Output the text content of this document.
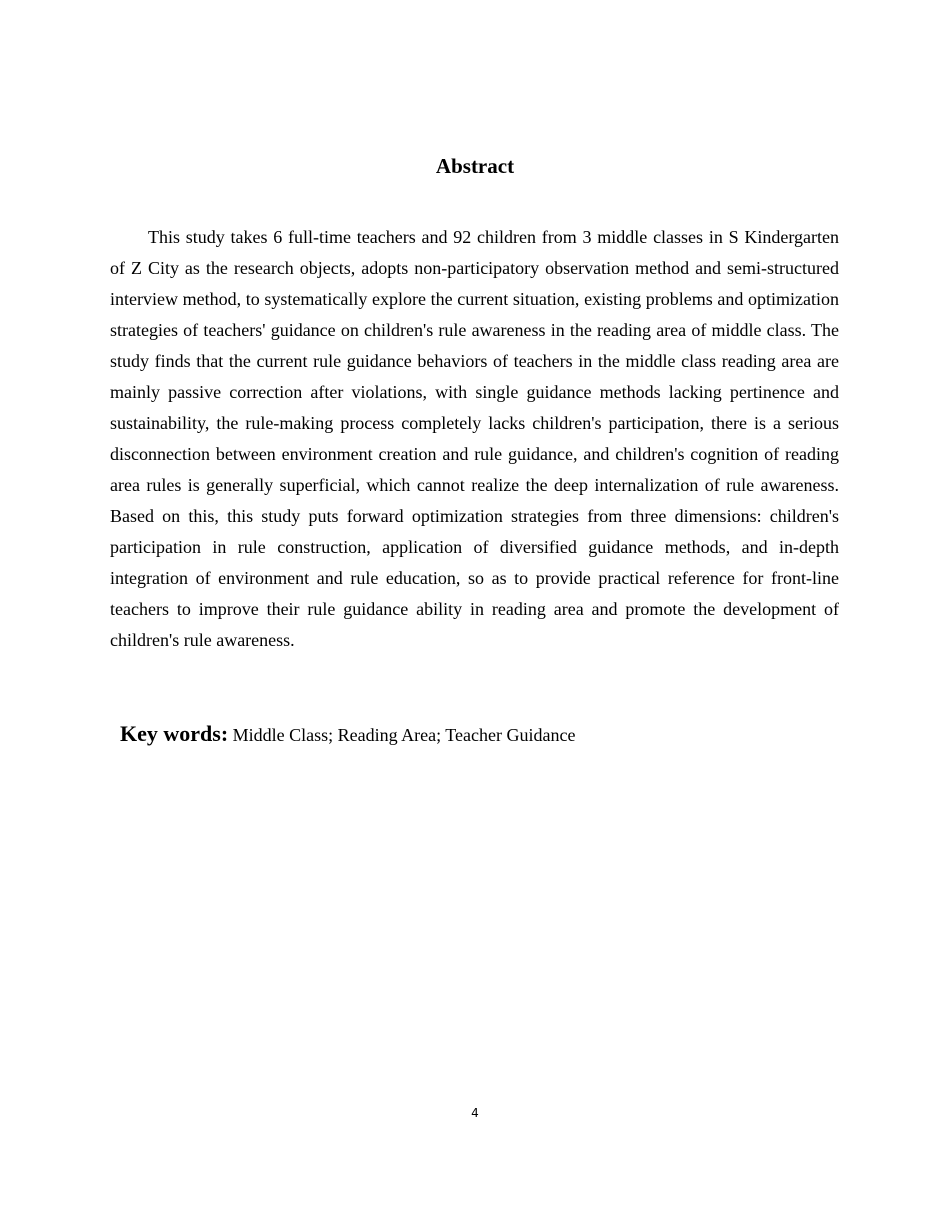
Abstract

This study takes 6 full-time teachers and 92 children from 3 middle classes in S Kindergarten of Z City as the research objects, adopts non-participatory observation method and semi-structured interview method, to systematically explore the current situation, existing problems and optimization strategies of teachers' guidance on children's rule awareness in the reading area of middle class. The study finds that the current rule guidance behaviors of teachers in the middle class reading area are mainly passive correction after violations, with single guidance methods lacking pertinence and sustainability, the rule-making process completely lacks children's participation, there is a serious disconnection between environment creation and rule guidance, and children's cognition of reading area rules is generally superficial, which cannot realize the deep internalization of rule awareness. Based on this, this study puts forward optimization strategies from three dimensions: children's participation in rule construction, application of diversified guidance methods, and in-depth integration of environment and rule education, so as to provide practical reference for front-line teachers to improve their rule guidance ability in reading area and promote the development of children's rule awareness.

Key words: Middle Class; Reading Area; Teacher Guidance
4
